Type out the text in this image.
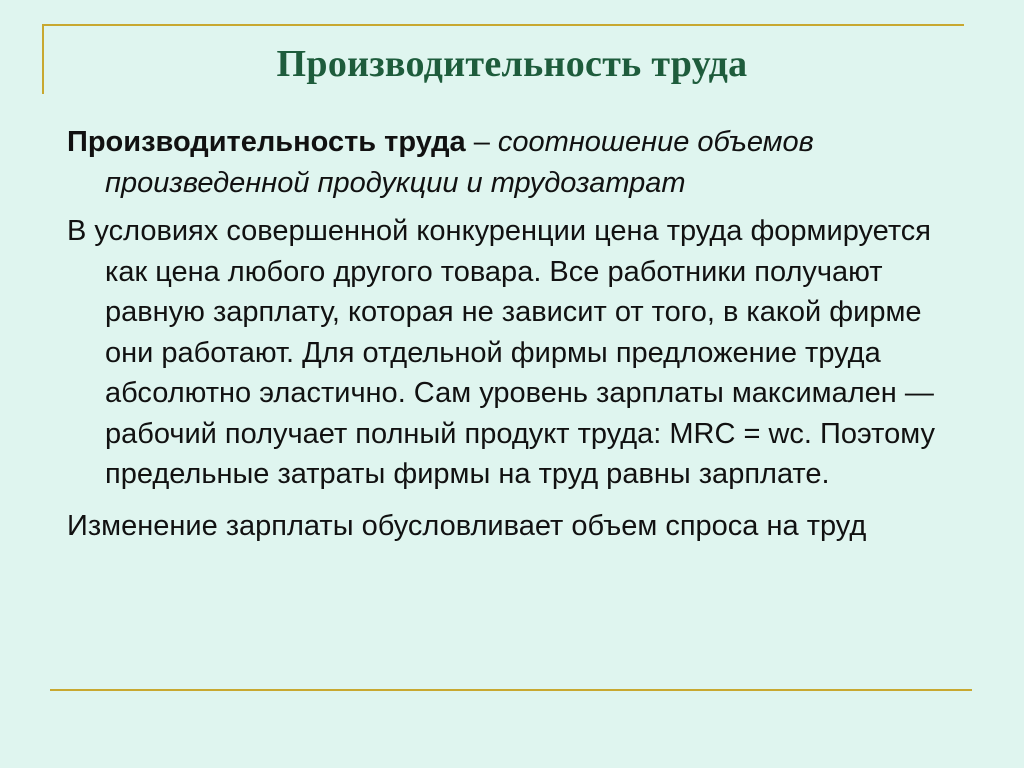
Производительность труда

Производительность труда – соотношение объемов произведенной продукции и трудозатрат

В условиях совершенной конкуренции цена труда формируется как цена любого другого товара. Все работники получают равную зарплату, которая не зависит от того, в какой фирме они работают. Для отдельной фирмы предложение труда абсолютно эластично. Сам уровень зарплаты максимален — рабочий получает полный продукт труда: MRC = wc. Поэтому предельные затраты фирмы на труд равны зарплате.

Изменение зарплаты обусловливает объем спроса на труд
